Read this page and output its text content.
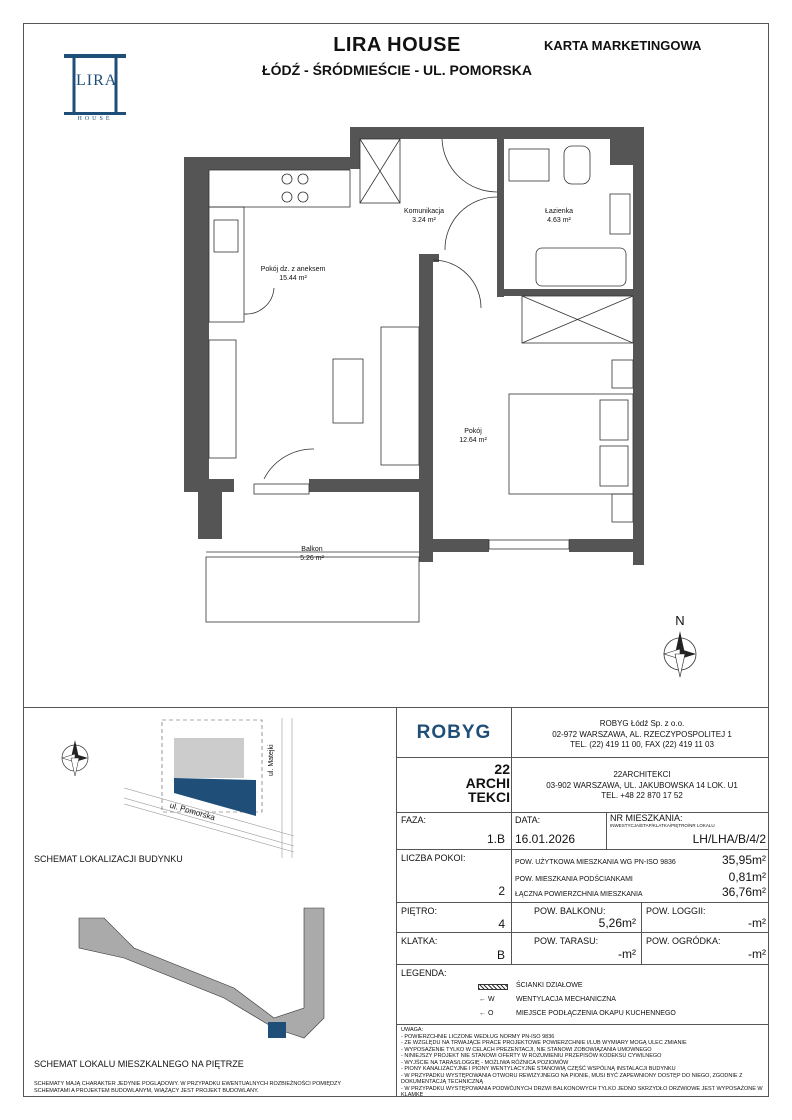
LIRA
HOUSE
LIRA HOUSE
ŁÓDŹ - ŚRÓDMIEŚCIE - UL. POMORSKA
KARTA MARKETINGOWA
N
Komunikacja
3.24 m²
Łazienka
4.63 m²
Pokój dz. z aneksem
15.44 m²
Pokój
12.64 m²
Balkon
5.26 m²
ul. Matejki
ul. Pomorska
SCHEMAT LOKALIZACJI BUDYNKU
SCHEMAT LOKALU MIESZKALNEGO NA PIĘTRZE
SCHEMATY MAJĄ CHARAKTER JEDYNIE POGLĄDOWY. W PRZYPADKU EWENTUALNYCH ROZBIEŻNOŚCI POMIĘDZY SCHEMATAMI A PROJEKTEM BUDOWLANYM, WIĄŻĄCY JEST PROJEKT BUDOWLANY.
ROBYG	ROBYG Łódź Sp. z o.o.
02-972 WARSZAWA, AL. RZECZYPOSPOLITEJ 1
TEL. (22) 419 11 00, FAX (22) 419 11 03
22
ARCHI
TEKCI
22ARCHITEKCI
03-902 WARSZAWA, UL. JAKUBOWSKA 14 LOK. U1
TEL. +48 22 870 17 52
FAZA:
1.B
DATA:
16.01.2026
NR MIESZKANIA:
INWESTYCJA/ETAP/KLATKA/PIĘTRO/NR LOKALU
LH/LHA/B/4/2
LICZBA POKOI:
2
POW. UŻYTKOWA MIESZKANIA WG PN-ISO 9836	35,95m²
POW. MIESZKANIA PODŚCIANKAMI	0,81m²
ŁĄCZNA POWIERZCHNIA MIESZKANIA	36,76m²
PIĘTRO:
4
POW. BALKONU:
5,26m²
POW. LOGGII:
-m²
KLATKA:
B
POW. TARASU:
-m²
POW. OGRÓDKA:
-m²
LEGENDA:
ŚCIANKI DZIAŁOWE
← W	WENTYLACJA MECHANICZNA
← O	MIEJSCE PODŁĄCZENIA OKAPU KUCHENNEGO
UWAGA:
- POWIERZCHNIE LICZONE WEDŁUG NORMY PN-ISO 9836
- ZE WZGLĘDU NA TRWAJĄCE PRACE PROJEKTOWE POWIERZCHNIE I/LUB WYMIARY MOGĄ ULEC ZMIANIE
- WYPOSAŻENIE TYLKO W CELACH PREZENTACJI, NIE STANOWI ZOBOWIĄZANIA UMOWNEGO
- NINIEJSZY PROJEKT NIE STANOWI OFERTY W ROZUMIENIU PRZEPISÓW KODEKSU CYWILNEGO
- WYJŚCIE NA TARAS/LOGGIĘ - MOŻLIWA RÓŻNICA POZIOMÓW
- PIONY KANALIZACYJNE I PIONY WENTYLACYJNE STANOWIĄ CZĘŚĆ WSPÓLNĄ INSTALACJI BUDYNKU
- W PRZYPADKU WYSTĘPOWANIA OTWORU REWIZYJNEGO NA PIONIE, MUSI BYĆ ZAPEWNIONY DOSTĘP DO NIEGO, ZGODNIE Z DOKUMENTACJĄ TECHNICZNĄ
- W PRZYPADKU WYSTĘPOWANIA PODWÓJNYCH DRZWI BALKONOWYCH TYLKO JEDNO SKRZYDŁO DRZWIOWE JEST WYPOSAŻONE W KLAMKĘ
